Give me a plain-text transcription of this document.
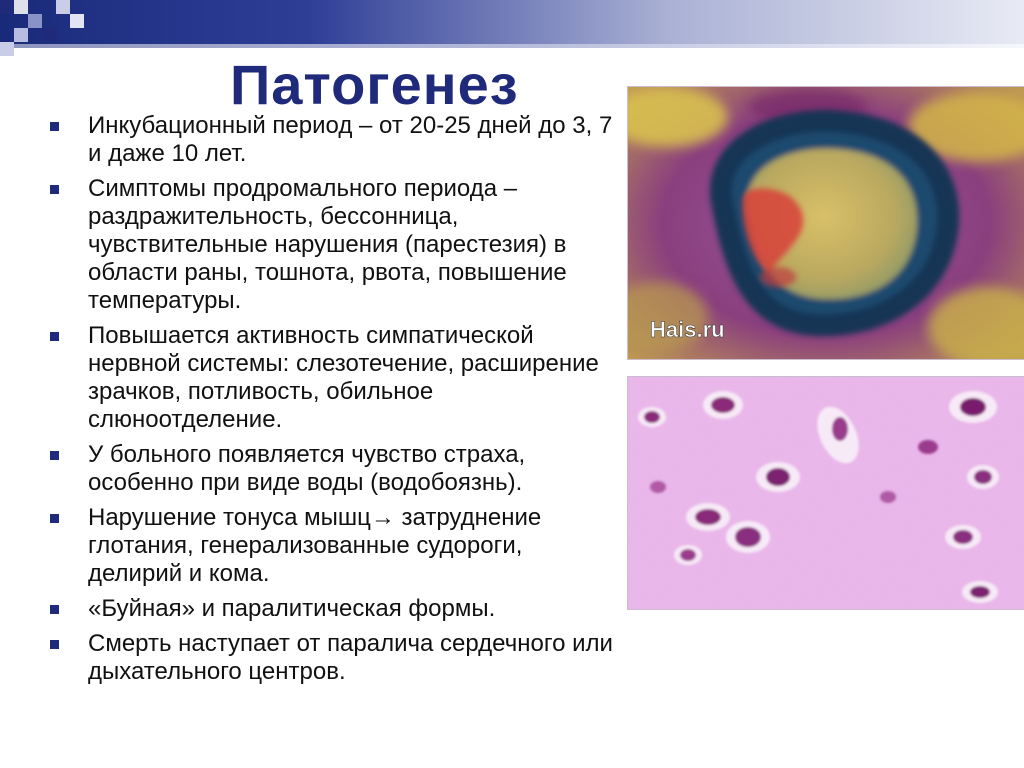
Патогенез
Инкубационный период – от 20-25 дней до 3, 7 и даже 10 лет.
Симптомы продромального периода – раздражительность, бессонница, чувствительные нарушения (парестезия) в области раны, тошнота, рвота, повышение температуры.
Повышается активность симпатической нервной системы: слезотечение, расширение зрачков, потливость, обильное слюноотделение.
У больного появляется чувство страха, особенно при виде воды (водобоязнь).
Нарушение тонуса мышц→ затруднение глотания, генерализованные судороги, делирий и кома.
«Буйная» и паралитическая формы.
Смерть наступает от паралича сердечного или дыхательного центров.
Hais.ru
